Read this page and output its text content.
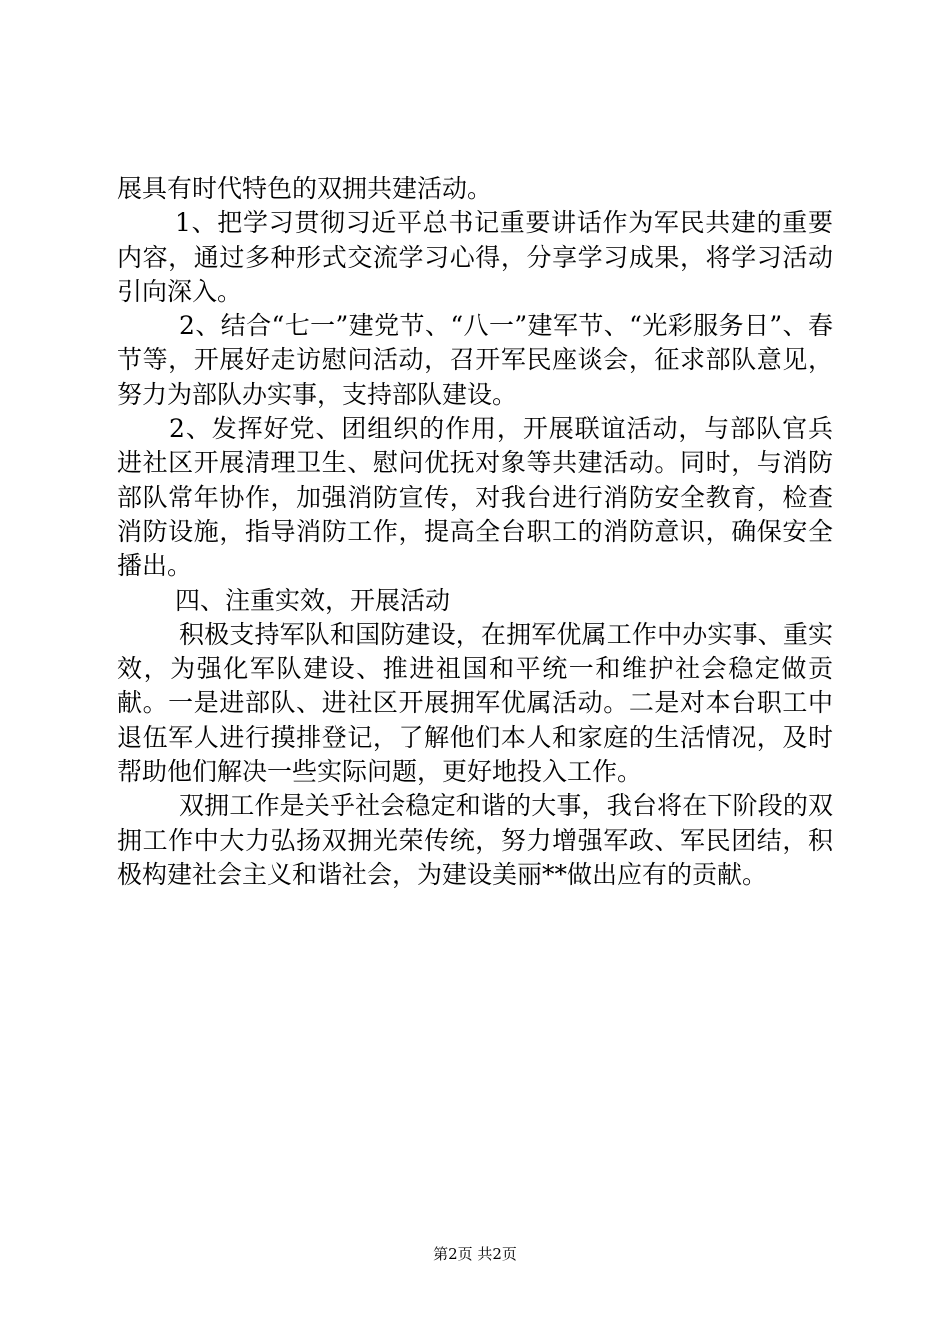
展具有时代特色的双拥共建活动。

1、把学习贯彻习近平总书记重要讲话作为军民共建的重要内容，通过多种形式交流学习心得，分享学习成果，将学习活动引向深入。

2、结合“七一”建党节、“八一”建军节、“光彩服务日”、春节等，开展好走访慰问活动，召开军民座谈会，征求部队意见，努力为部队办实事，支持部队建设。

2、发挥好党、团组织的作用，开展联谊活动，与部队官兵进社区开展清理卫生、慰问优抚对象等共建活动。同时，与消防部队常年协作，加强消防宣传，对我台进行消防安全教育，检查消防设施，指导消防工作，提高全台职工的消防意识，确保安全播出。

四、注重实效，开展活动

积极支持军队和国防建设，在拥军优属工作中办实事、重实效，为强化军队建设、推进祖国和平统一和维护社会稳定做贡献。一是进部队、进社区开展拥军优属活动。二是对本台职工中退伍军人进行摸排登记，了解他们本人和家庭的生活情况，及时帮助他们解决一些实际问题，更好地投入工作。

双拥工作是关乎社会稳定和谐的大事，我台将在下阶段的双拥工作中大力弘扬双拥光荣传统，努力增强军政、军民团结，积极构建社会主义和谐社会，为建设美丽**做出应有的贡献。

第2页 共2页
